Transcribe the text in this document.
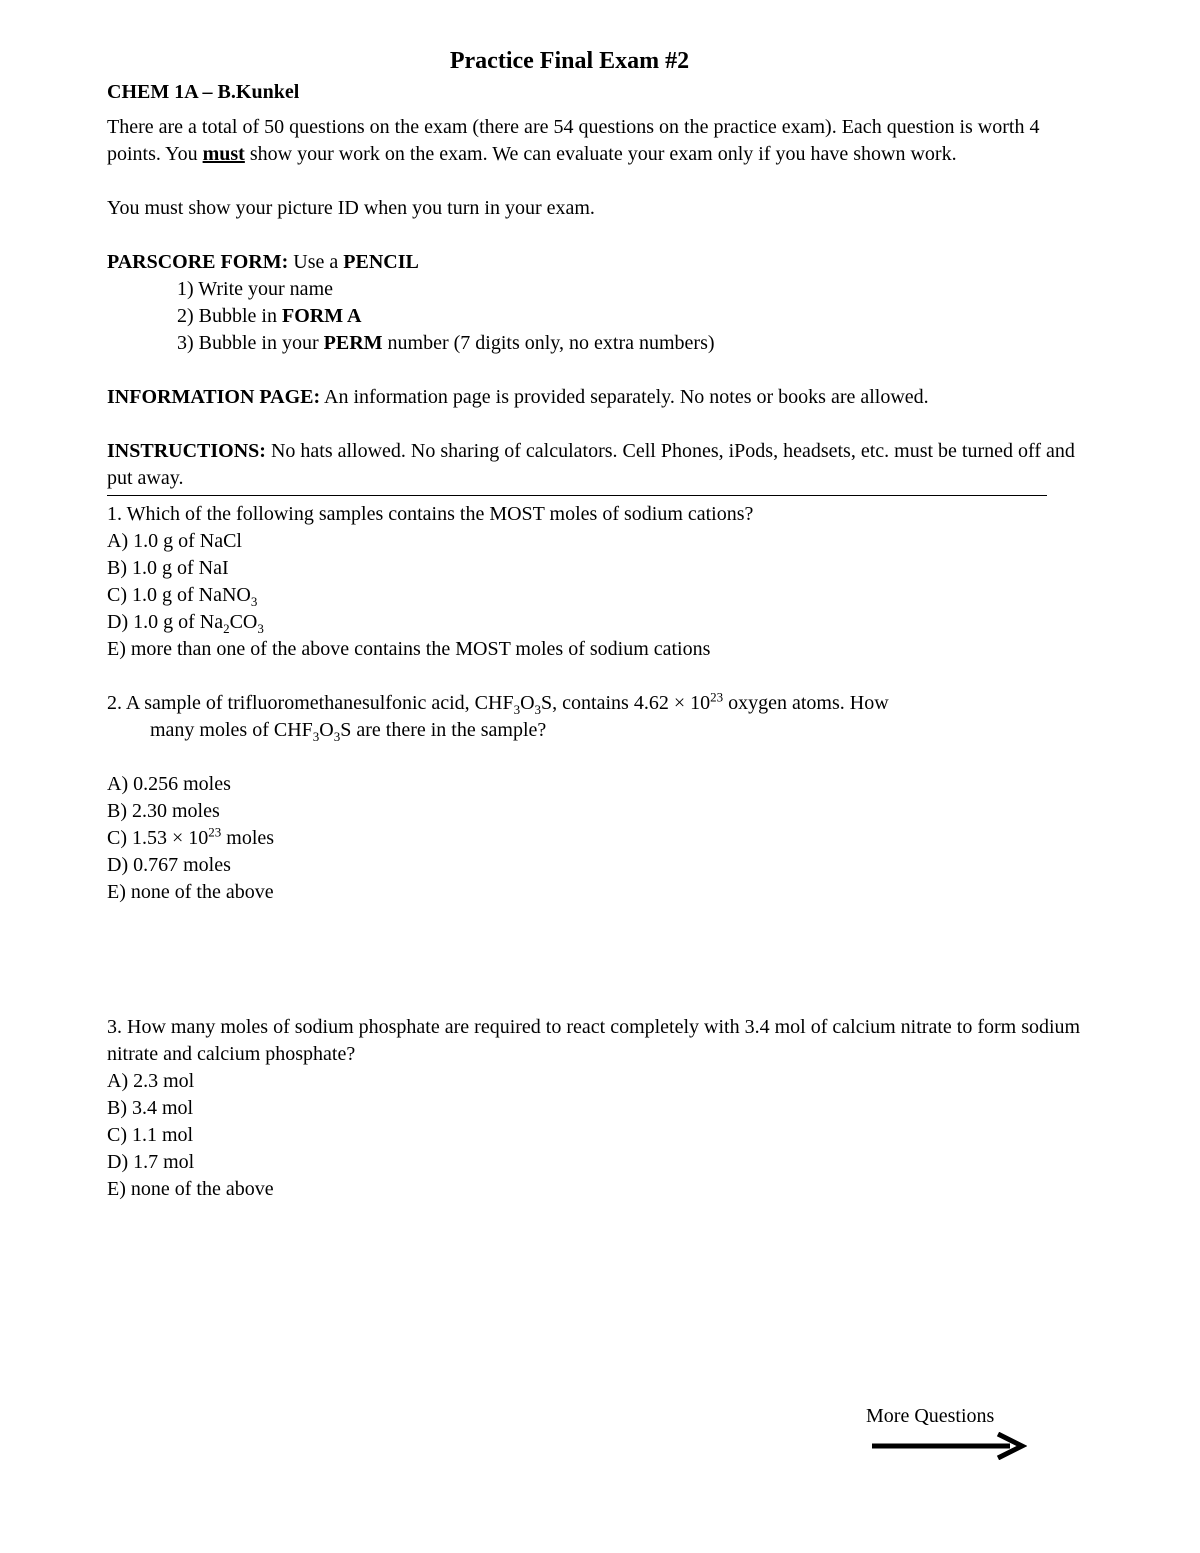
Practice Final Exam #2
CHEM 1A – B.Kunkel

There are a total of 50 questions on the exam (there are 54 questions on the practice exam). Each question is worth 4 points. You must show your work on the exam. We can evaluate your exam only if you have shown work.

You must show your picture ID when you turn in your exam.

PARSCORE FORM: Use a PENCIL

1) Write your name

2) Bubble in FORM A

3) Bubble in your PERM number (7 digits only, no extra numbers)

INFORMATION PAGE: An information page is provided separately. No notes or books are allowed.

INSTRUCTIONS: No hats allowed. No sharing of calculators. Cell Phones, iPods, headsets, etc. must be turned off and put away.

1. Which of the following samples contains the MOST moles of sodium cations?

A) 1.0 g of NaCl
B) 1.0 g of NaI
C) 1.0 g of NaNO$_3$
D) 1.0 g of $Na_2CO_3$
E) more than one of the above contains the MOST moles of sodium cations

2. A sample of trifluoromethanesulfonic acid, $CHF_3O_3S$, contains $4.62 \times 10^{23}$ oxygen atoms. How

many moles of $CHF_3O_3S$ are there in the sample?

A) 0.256 moles
B) 2.30 moles
C) $1.53 \times 10^{23}$ moles
D) 0.767 moles
E) none of the above

3. How many moles of sodium phosphate are required to react completely with 3.4 mol of calcium nitrate to form sodium nitrate and calcium phosphate?

A) 2.3 mol
B) 3.4 mol
C) 1.1 mol
D) 1.7 mol
E) none of the above
More Questions
